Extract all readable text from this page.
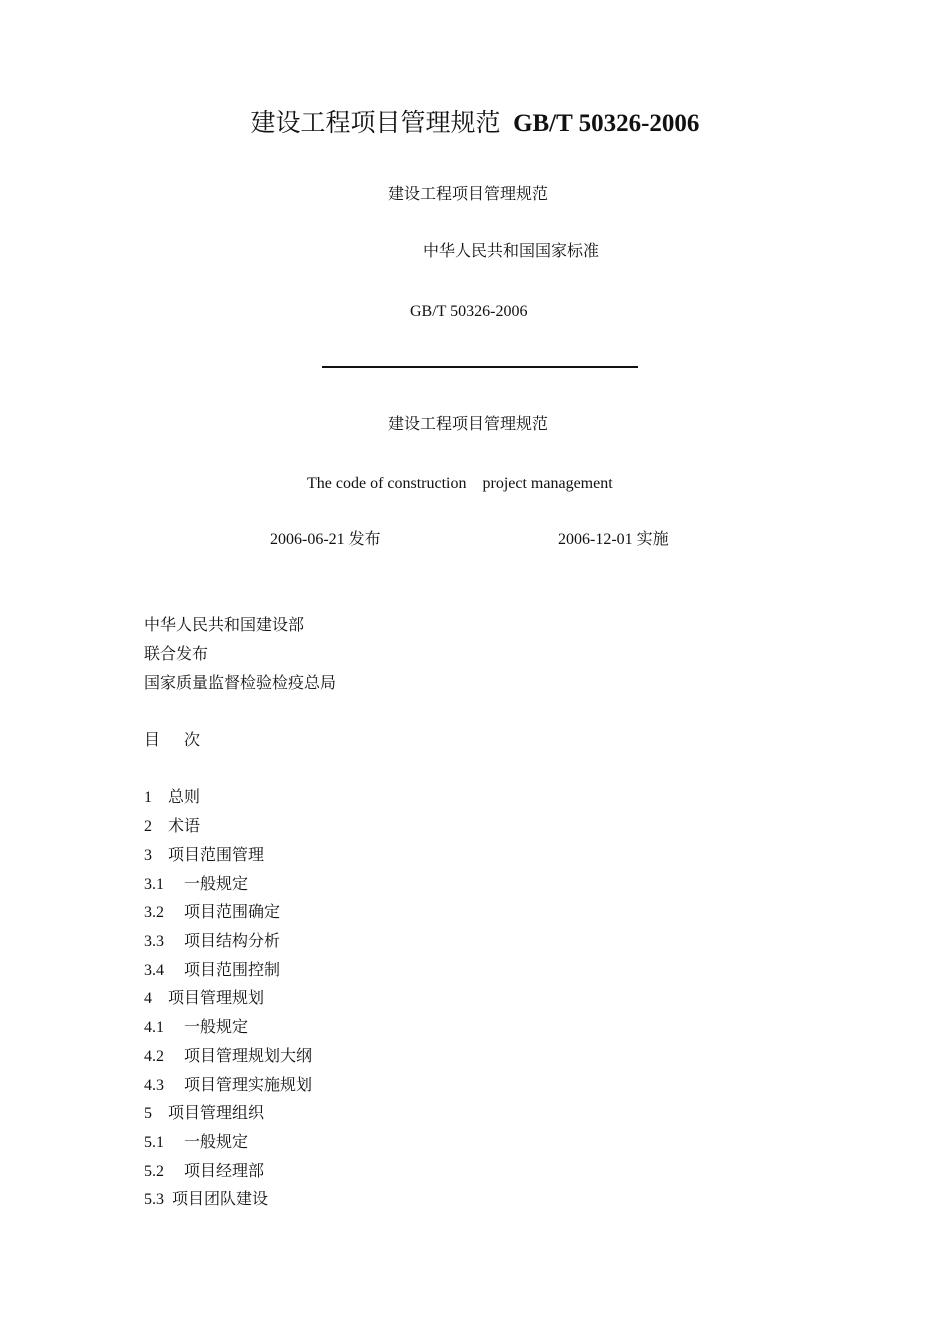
建设工程项目管理规范 GB/T 50326-2006
建设工程项目管理规范
中华人民共和国国家标准
GB/T 50326-2006
建设工程项目管理规范
The code of construction    project management
2006-06-21 发布	2006-12-01 实施
中华人民共和国建设部
联合发布
国家质量监督检验检疫总局
目      次
1    总则
2    术语
3    项目范围管理
3.1     一般规定
3.2     项目范围确定
3.3     项目结构分析
3.4     项目范围控制
4    项目管理规划
4.1     一般规定
4.2     项目管理规划大纲
4.3     项目管理实施规划
5    项目管理组织
5.1     一般规定
5.2     项目经理部
5.3  项目团队建设
